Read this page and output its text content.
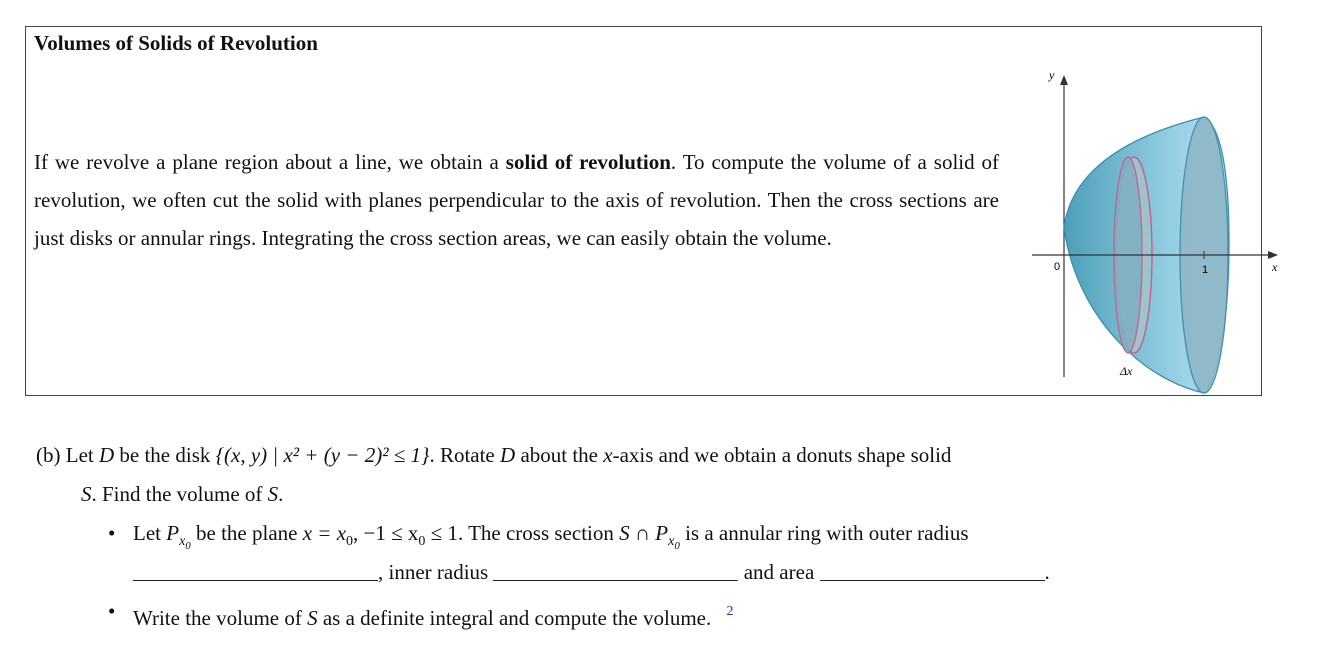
Volumes of Solids of Revolution
If we revolve a plane region about a line, we obtain a solid of revolution. To compute the volume of a solid of revolution, we often cut the solid with planes perpendicular to the axis of revolution. Then the cross sections are just disks or annular rings. Integrating the cross section areas, we can easily obtain the volume.
y
0	1	x
Δx
(b) Let D be the disk {(x, y) | x² + (y − 2)² ≤ 1}. Rotate D about the x-axis and we obtain a donuts shape solid
S. Find the volume of S.
• Let $P_{x_0}$ be the plane $x = x_0$, $-1 \le x_0 \le 1$. The cross section S ∩ $P_{x_0}$ is a annular ring with outer radius
, inner radius	and area	.
• Write the volume of S as a definite integral and compute the volume. $^2$
